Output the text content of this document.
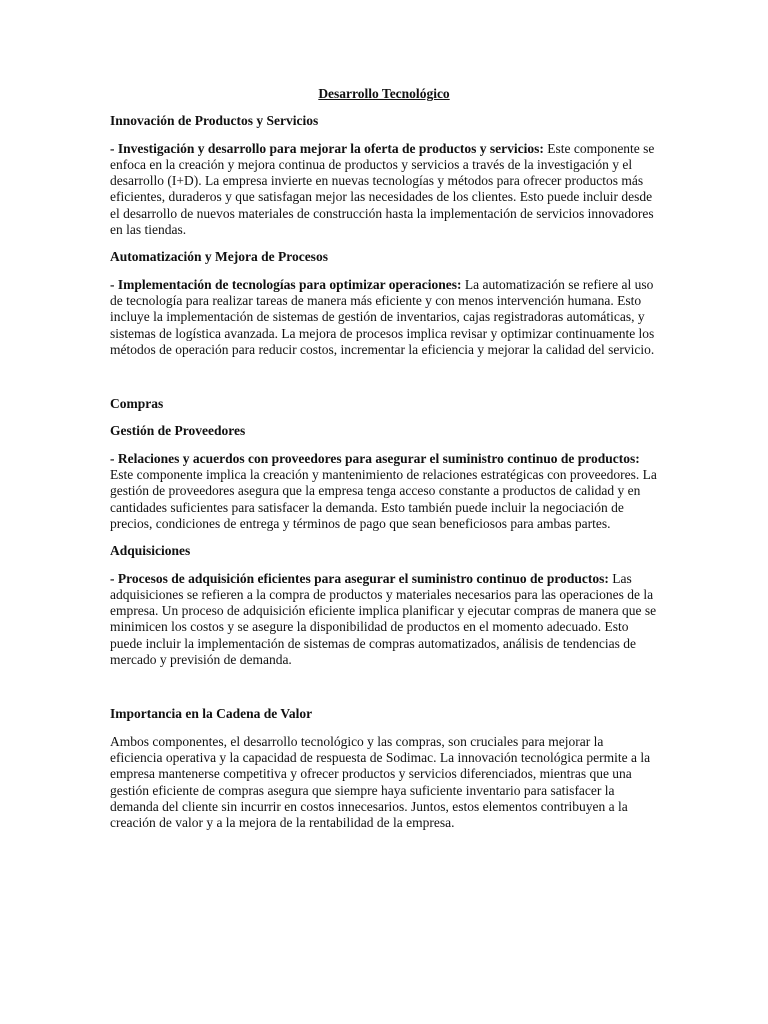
Desarrollo Tecnológico
Innovación de Productos y Servicios
- Investigación y desarrollo para mejorar la oferta de productos y servicios: Este componente se enfoca en la creación y mejora continua de productos y servicios a través de la investigación y el desarrollo (I+D). La empresa invierte en nuevas tecnologías y métodos para ofrecer productos más eficientes, duraderos y que satisfagan mejor las necesidades de los clientes. Esto puede incluir desde el desarrollo de nuevos materiales de construcción hasta la implementación de servicios innovadores en las tiendas.
Automatización y Mejora de Procesos
- Implementación de tecnologías para optimizar operaciones: La automatización se refiere al uso de tecnología para realizar tareas de manera más eficiente y con menos intervención humana. Esto incluye la implementación de sistemas de gestión de inventarios, cajas registradoras automáticas, y sistemas de logística avanzada. La mejora de procesos implica revisar y optimizar continuamente los métodos de operación para reducir costos, incrementar la eficiencia y mejorar la calidad del servicio.
Compras
Gestión de Proveedores
- Relaciones y acuerdos con proveedores para asegurar el suministro continuo de productos: Este componente implica la creación y mantenimiento de relaciones estratégicas con proveedores. La gestión de proveedores asegura que la empresa tenga acceso constante a productos de calidad y en cantidades suficientes para satisfacer la demanda. Esto también puede incluir la negociación de precios, condiciones de entrega y términos de pago que sean beneficiosos para ambas partes.
Adquisiciones
- Procesos de adquisición eficientes para asegurar el suministro continuo de productos: Las adquisiciones se refieren a la compra de productos y materiales necesarios para las operaciones de la empresa. Un proceso de adquisición eficiente implica planificar y ejecutar compras de manera que se minimicen los costos y se asegure la disponibilidad de productos en el momento adecuado. Esto puede incluir la implementación de sistemas de compras automatizados, análisis de tendencias de mercado y previsión de demanda.
Importancia en la Cadena de Valor
Ambos componentes, el desarrollo tecnológico y las compras, son cruciales para mejorar la eficiencia operativa y la capacidad de respuesta de Sodimac. La innovación tecnológica permite a la empresa mantenerse competitiva y ofrecer productos y servicios diferenciados, mientras que una gestión eficiente de compras asegura que siempre haya suficiente inventario para satisfacer la demanda del cliente sin incurrir en costos innecesarios. Juntos, estos elementos contribuyen a la creación de valor y a la mejora de la rentabilidad de la empresa.
